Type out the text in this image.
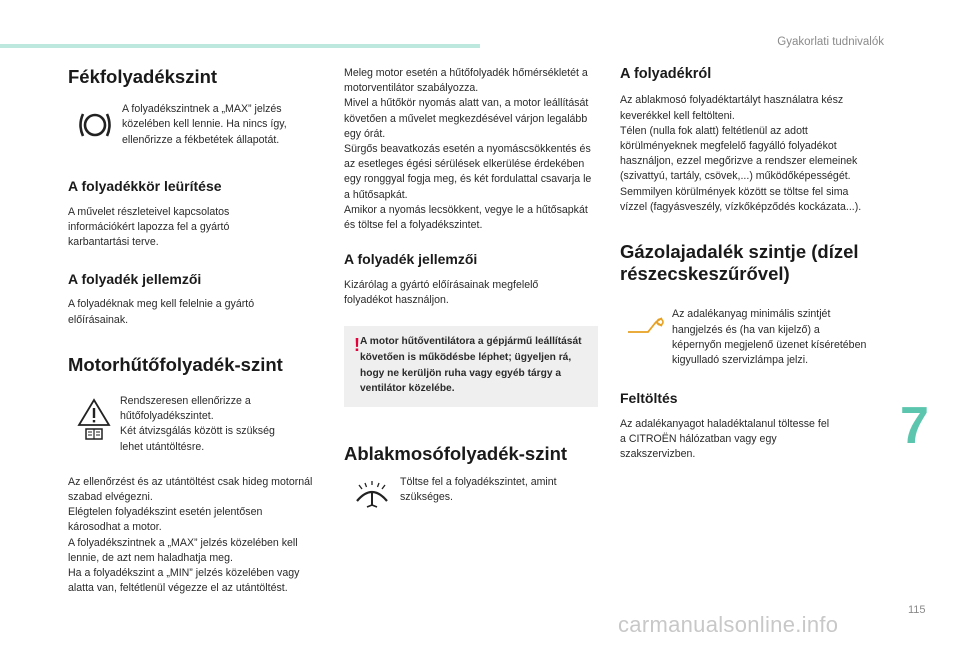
Gyakorlati tudnivalók
Fékfolyadékszint

A folyadékszintnek a „MAX” jelzés közelében kell lennie. Ha nincs így, ellenőrizze a fékbetétek állapotát.

A folyadékkör leürítése

A művelet részleteivel kapcsolatos információkért lapozza fel a gyártó karbantartási terve.

A folyadék jellemzői

A folyadéknak meg kell felelnie a gyártó előírásainak.

Motorhűtőfolyadék-szint

Rendszeresen ellenőrizze a hűtőfolyadékszintet.
Két átvizsgálás között is szükség lehet utántöltésre.

Az ellenőrzést és az utántöltést csak hideg motornál szabad elvégezni.
Elégtelen folyadékszint esetén jelentősen károsodhat a motor.
A folyadékszintnek a „MAX” jelzés közelében kell lennie, de azt nem haladhatja meg.
Ha a folyadékszint a „MIN” jelzés közelében vagy alatta van, feltétlenül végezze el az utántöltést.

Meleg motor esetén a hűtőfolyadék hőmérsékletét a motorventilátor szabályozza.
Mivel a hűtőkör nyomás alatt van, a motor leállítását követően a művelet megkezdésével várjon legalább egy órát.
Sürgős beavatkozás esetén a nyomáscsökkentés és az esetleges égési sérülések elkerülése érdekében egy ronggyal fogja meg, és két fordulattal csavarja le a hűtősapkát.
Amikor a nyomás lecsökkent, vegye le a hűtősapkát és töltse fel a folyadékszintet.

A folyadék jellemzői

Kizárólag a gyártó előírásainak megfelelő folyadékot használjon.

! A motor hűtőventilátora a gépjármű leállítását követően is működésbe léphet; ügyeljen rá, hogy ne kerüljön ruha vagy egyéb tárgy a ventilátor közelébe.
Ablakmosófolyadék-szint

Töltse fel a folyadékszintet, amint szükséges.

A folyadékról

Az ablakmosó folyadéktartályt használatra kész keverékkel kell feltölteni.
Télen (nulla fok alatt) feltétlenül az adott körülményeknek megfelelő fagyálló folyadékot használjon, ezzel megőrizve a rendszer elemeinek (szivattyú, tartály, csövek,...) működőképességét.
Semmilyen körülmények között se töltse fel sima vízzel (fagyásveszély, vízkőképződés kockázata...).

Gázolajadalék szintje (dízel részecskeszűrővel)

Az adalékanyag minimális szintjét hangjelzés és (ha van kijelző) a képernyőn megjelenő üzenet kíséretében kigyulladó szervizlámpa jelzi.

Feltöltés

Az adalékanyagot haladéktalanul töltesse fel a CITROËN hálózatban vagy egy szakszervizben.	7
115
carmanualsonline.info
